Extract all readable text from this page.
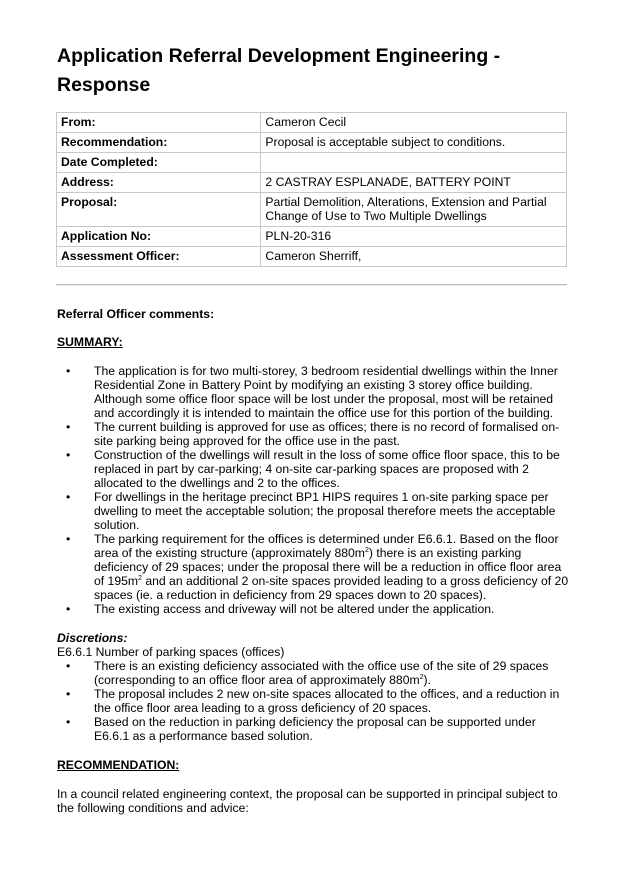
Application Referral Development Engineering - Response
From:	Cameron Cecil
Recommendation:	Proposal is acceptable subject to conditions.
Date Completed:	
Address:	2 CASTRAY ESPLANADE, BATTERY POINT
Proposal:	Partial Demolition, Alterations, Extension and Partial Change of Use to Two Multiple Dwellings
Application No:	PLN-20-316
Assessment Officer:	Cameron Sherriff,

Referral Officer comments:

SUMMARY:

• The application is for two multi-storey, 3 bedroom residential dwellings within the Inner Residential Zone in Battery Point by modifying an existing 3 storey office building. Although some office floor space will be lost under the proposal, most will be retained and accordingly it is intended to maintain the office use for this portion of the building.
• The current building is approved for use as offices; there is no record of formalised on-site parking being approved for the office use in the past.
• Construction of the dwellings will result in the loss of some office floor space, this to be replaced in part by car-parking; 4 on-site car-parking spaces are proposed with 2 allocated to the dwellings and 2 to the offices.
• For dwellings in the heritage precinct BP1 HIPS requires 1 on-site parking space per dwelling to meet the acceptable solution; the proposal therefore meets the acceptable solution.
• The parking requirement for the offices is determined under E6.6.1. Based on the floor area of the existing structure (approximately $880m^2$) there is an existing parking deficiency of 29 spaces; under the proposal there will be a reduction in office floor area of $195m^2$ and an additional 2 on-site spaces provided leading to a gross deficiency of 20 spaces (ie. a reduction in deficiency from 29 spaces down to 20 spaces).
• The existing access and driveway will not be altered under the application.

Discretions:

E6.6.1 Number of parking spaces (offices)

• There is an existing deficiency associated with the office use of the site of 29 spaces (corresponding to an office floor area of approximately $880m^2$).
• The proposal includes 2 new on-site spaces allocated to the offices, and a reduction in the office floor area leading to a gross deficiency of 20 spaces.
• Based on the reduction in parking deficiency the proposal can be supported under E6.6.1 as a performance based solution.

RECOMMENDATION:

In a council related engineering context, the proposal can be supported in principal subject to the following conditions and advice:
